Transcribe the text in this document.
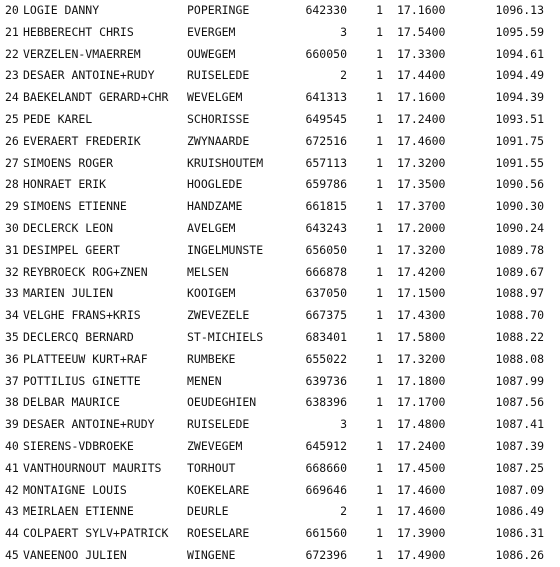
20 LOGIE DANNY	POPERINGE	642330	1 17.1600	1096.13
21 HEBBERECHT CHRIS	EVERGEM	3	1 17.5400	1095.59
22 VERZELEN-VMAERREM	OUWEGEM	660050	1 17.3300	1094.61
23 DESAER ANTOINE+RUDY	RUISELEDE	2	1 17.4400	1094.49
24 BAEKELANDT GERARD+CHR	WEVELGEM	641313	1 17.1600	1094.39
25 PEDE KAREL	SCHORISSE	649545	1 17.2400	1093.51
26 EVERAERT FREDERIK	ZWYNAARDE	672516	1 17.4600	1091.75
27 SIMOENS ROGER	KRUISHOUTEM	657113	1 17.3200	1091.55
28 HONRAET ERIK	HOOGLEDE	659786	1 17.3500	1090.56
29 SIMOENS ETIENNE	HANDZAME	661815	1 17.3700	1090.30
30 DECLERCK LEON	AVELGEM	643243	1 17.2000	1090.24
31 DESIMPEL GEERT	INGELMUNSTE	656050	1 17.3200	1089.78
32 REYBROECK ROG+ZNEN	MELSEN	666878	1 17.4200	1089.67
33 MARIEN JULIEN	KOOIGEM	637050	1 17.1500	1088.97
34 VELGHE FRANS+KRIS	ZWEVEZELE	667375	1 17.4300	1088.70
35 DECLERCQ BERNARD	ST-MICHIELS	683401	1 17.5800	1088.22
36 PLATTEEUW KURT+RAF	RUMBEKE	655022	1 17.3200	1088.08
37 POTTILIUS GINETTE	MENEN	639736	1 17.1800	1087.99
38 DELBAR MAURICE	OEUDEGHIEN	638396	1 17.1700	1087.56
39 DESAER ANTOINE+RUDY	RUISELEDE	3	1 17.4800	1087.41
40 SIERENS-VDBROEKE	ZWEVEGEM	645912	1 17.2400	1087.39
41 VANTHOURNOUT MAURITS	TORHOUT	668660	1 17.4500	1087.25
42 MONTAIGNE LOUIS	KOEKELARE	669646	1 17.4600	1087.09
43 MEIRLAEN ETIENNE	DEURLE	2	1 17.4600	1086.49
44 COLPAERT SYLV+PATRICK	ROESELARE	661560	1 17.3900	1086.31
45 VANEENOO JULIEN	WINGENE	672396	1 17.4900	1086.26
